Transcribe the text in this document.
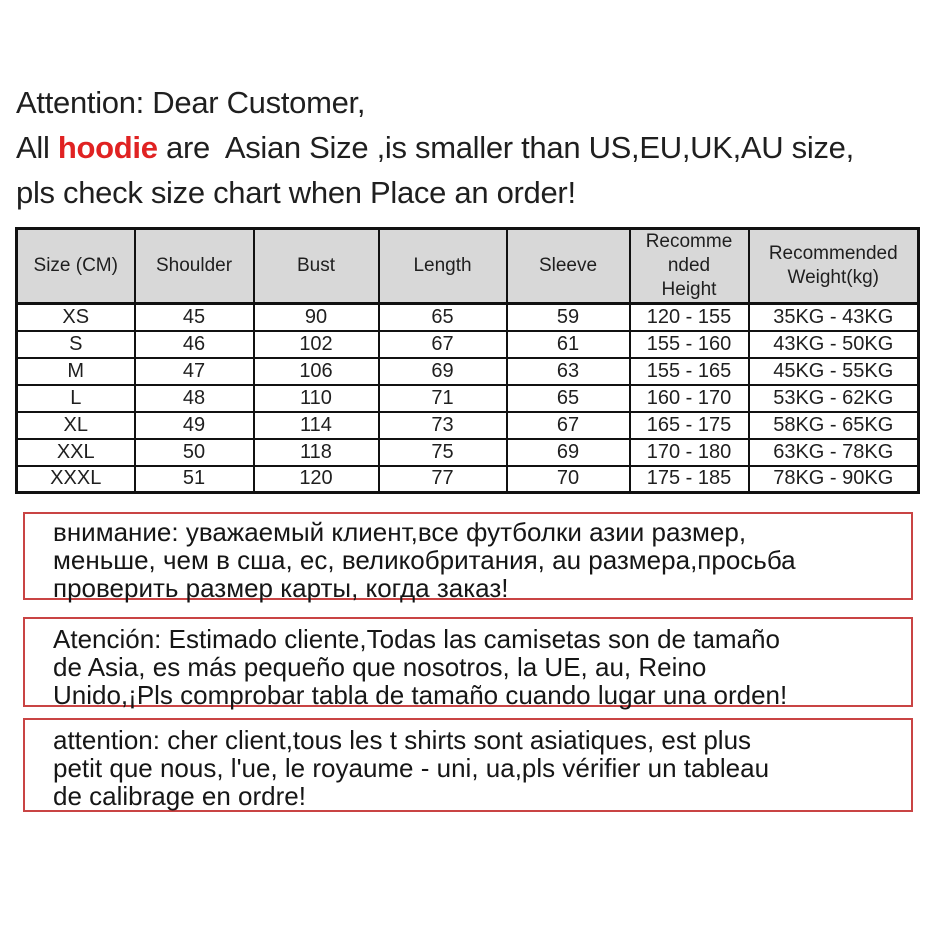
Attention: Dear Customer,
All hoodie are  Asian Size ,is smaller than US,EU,UK,AU size,
pls check size chart when Place an order!
Size (CM)	Shoulder	Bust	Length	Sleeve	Recommended Height	Recommended Weight(kg)
XS	45	90	65	59	120 - 155	35KG - 43KG
S	46	102	67	61	155 - 160	43KG - 50KG
M	47	106	69	63	155 - 165	45KG - 55KG
L	48	110	71	65	160 - 170	53KG - 62KG
XL	49	114	73	67	165 - 175	58KG - 65KG
XXL	50	118	75	69	170 - 180	63KG - 78KG
XXXL	51	120	77	70	175 - 185	78KG - 90KG
внимание: уважаемый клиент,все футболки азии размер,
меньше, чем в сша, ес, великобритания, au размера,просьба
проверить размер карты, когда заказ!
Atención: Estimado cliente,Todas las camisetas son de tamaño
de Asia, es más pequeño que nosotros, la UE, au, Reino
Unido,¡Pls comprobar tabla de tamaño cuando lugar una orden!
attention: cher client,tous les t shirts sont asiatiques, est plus
petit que nous, l'ue, le royaume - uni, ua,pls vérifier un tableau
de calibrage en ordre!
